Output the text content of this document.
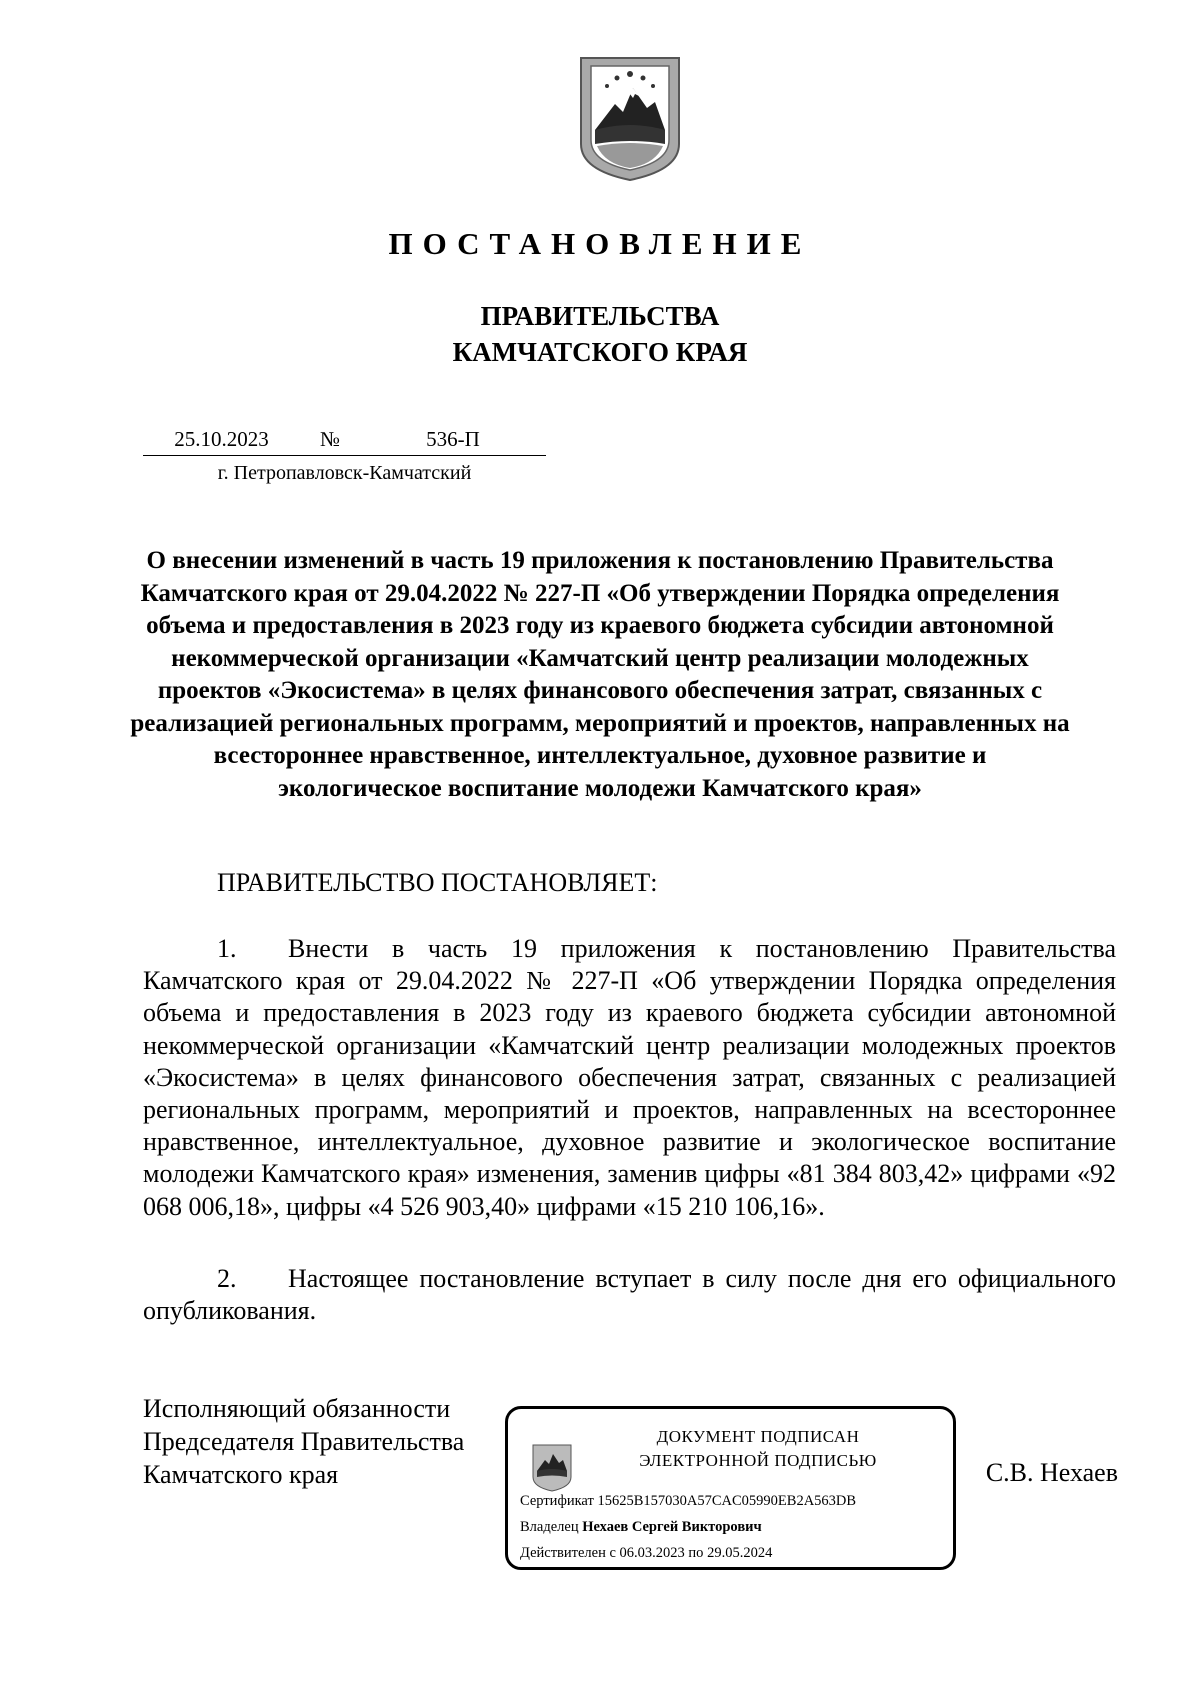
ПОСТАНОВЛЕНИЕ
ПРАВИТЕЛЬСТВА
КАМЧАТСКОГО КРАЯ
25.10.2023	№	536-П
г. Петропавловск-Камчатский
О внесении изменений в часть 19 приложения к постановлению Правительства Камчатского края от 29.04.2022 № 227-П «Об утверждении Порядка определения объема и предоставления в 2023 году из краевого бюджета субсидии автономной некоммерческой организации «Камчатский центр реализации молодежных проектов «Экосистема» в целях финансового обеспечения затрат, связанных с реализацией региональных программ, мероприятий и проектов, направленных на всестороннее нравственное, интеллектуальное, духовное развитие и экологическое воспитание молодежи Камчатского края»
ПРАВИТЕЛЬСТВО ПОСТАНОВЛЯЕТ:
1. Внести в часть 19 приложения к постановлению Правительства Камчатского края от 29.04.2022 № 227-П «Об утверждении Порядка определения объема и предоставления в 2023 году из краевого бюджета субсидии автономной некоммерческой организации «Камчатский центр реализации молодежных проектов «Экосистема» в целях финансового обеспечения затрат, связанных с реализацией региональных программ, мероприятий и проектов, направленных на всестороннее нравственное, интеллектуальное, духовное развитие и экологическое воспитание молодежи Камчатского края» изменения, заменив цифры «81 384 803,42» цифрами «92 068 006,18», цифры «4 526 903,40» цифрами «15 210 106,16».
2. Настоящее постановление вступает в силу после дня его официального опубликования.
Исполняющий обязанности
Председателя Правительства
Камчатского края
ДОКУМЕНТ ПОДПИСАН
ЭЛЕКТРОННОЙ ПОДПИСЬЮ
Сертификат 15625B157030A57CAC05990EB2A563DB
Владелец Нехаев Сергей Викторович
Действителен с 06.03.2023 по 29.05.2024
С.В. Нехаев
